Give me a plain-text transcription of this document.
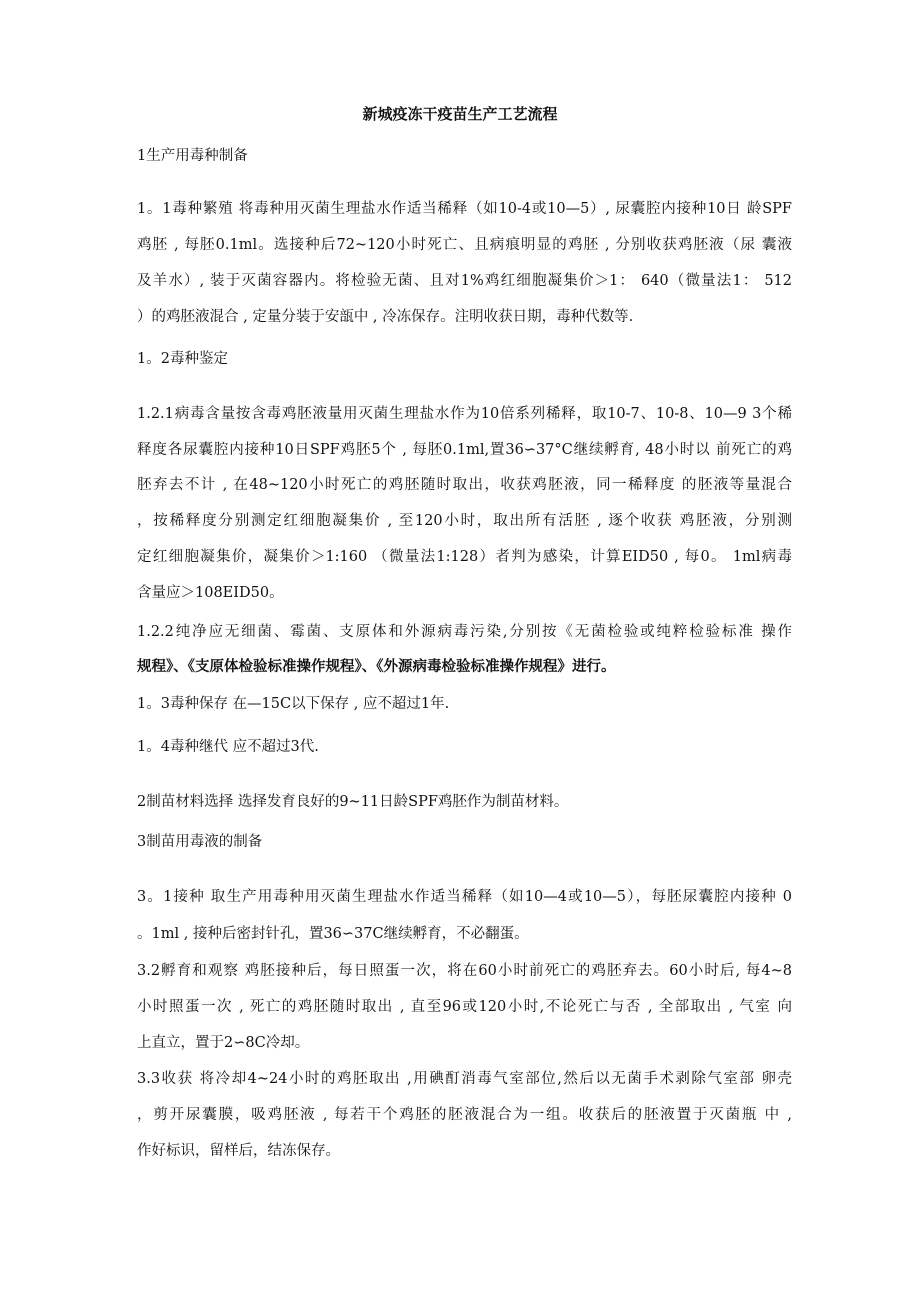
新城疫冻干疫苗生产工艺流程
1生产用毒种制备
1。1毒种繁殖 将毒种用灭菌生理盐水作适当稀释（如10-4或10—5）, 尿囊腔内接种10日 龄SPF
鸡胚 , 每胚0.1ml。选接种后72~120小时死亡、且病痕明显的鸡胚 , 分别收获鸡胚液（尿 囊液
及羊水）, 装于灭菌容器内。将检验无菌、且对1%鸡红细胞凝集价＞1： 640（微量法1： 512
）的鸡胚液混合 , 定量分装于安瓿中 , 冷冻保存。注明收获日期，毒种代数等.
1。2毒种鉴定
1.2.1病毒含量按含毒鸡胚液量用灭菌生理盐水作为10倍系列稀释，取10-7、10-8、10—9 3个稀
释度各尿囊腔内接种10日SPF鸡胚5个 , 每胚0.1ml,置36∽37°C继续孵育, 48小时以 前死亡的鸡
胚弃去不计 , 在48~120小时死亡的鸡胚随时取出，收获鸡胚液，同一稀释度 的胚液等量混合
，按稀释度分别测定红细胞凝集价 , 至120小时，取出所有活胚 , 逐个收获 鸡胚液，分别测
定红细胞凝集价，凝集价＞1:160 （微量法1:128）者判为感染，计算EID50 , 每0。 1ml病毒
含量应＞108EID50。
1.2.2纯净应无细菌、霉菌、支原体和外源病毒污染,分别按《无菌检验或纯粹检验标准 操作
规程》、《支原体检验标准操作规程》、《外源病毒检验标准操作规程》进行。
1。3毒种保存 在—15C以下保存 , 应不超过1年.
1。4毒种继代 应不超过3代.
2制苗材料选择 选择发育良好的9~11日龄SPF鸡胚作为制苗材料。
3制苗用毒液的制备
3。1接种 取生产用毒种用灭菌生理盐水作适当稀释（如10—4或10—5），每胚尿囊腔内接种 0
。1ml , 接种后密封针孔，置36∽37C继续孵育，不必翻蛋。
3.2孵育和观察 鸡胚接种后，每日照蛋一次，将在60小时前死亡的鸡胚弃去。60小时后, 每4~8
小时照蛋一次 , 死亡的鸡胚随时取出 , 直至96或120小时,不论死亡与否 , 全部取出 , 气室 向
上直立，置于2∽8C冷却。
3.3收获 将冷却4~24小时的鸡胚取出 ,用碘酊消毒气室部位,然后以无菌手术剥除气室部 卵壳
，剪开尿囊膜，吸鸡胚液 , 每若干个鸡胚的胚液混合为一组。收获后的胚液置于灭菌瓶 中 ,
作好标识，留样后，结冻保存。
